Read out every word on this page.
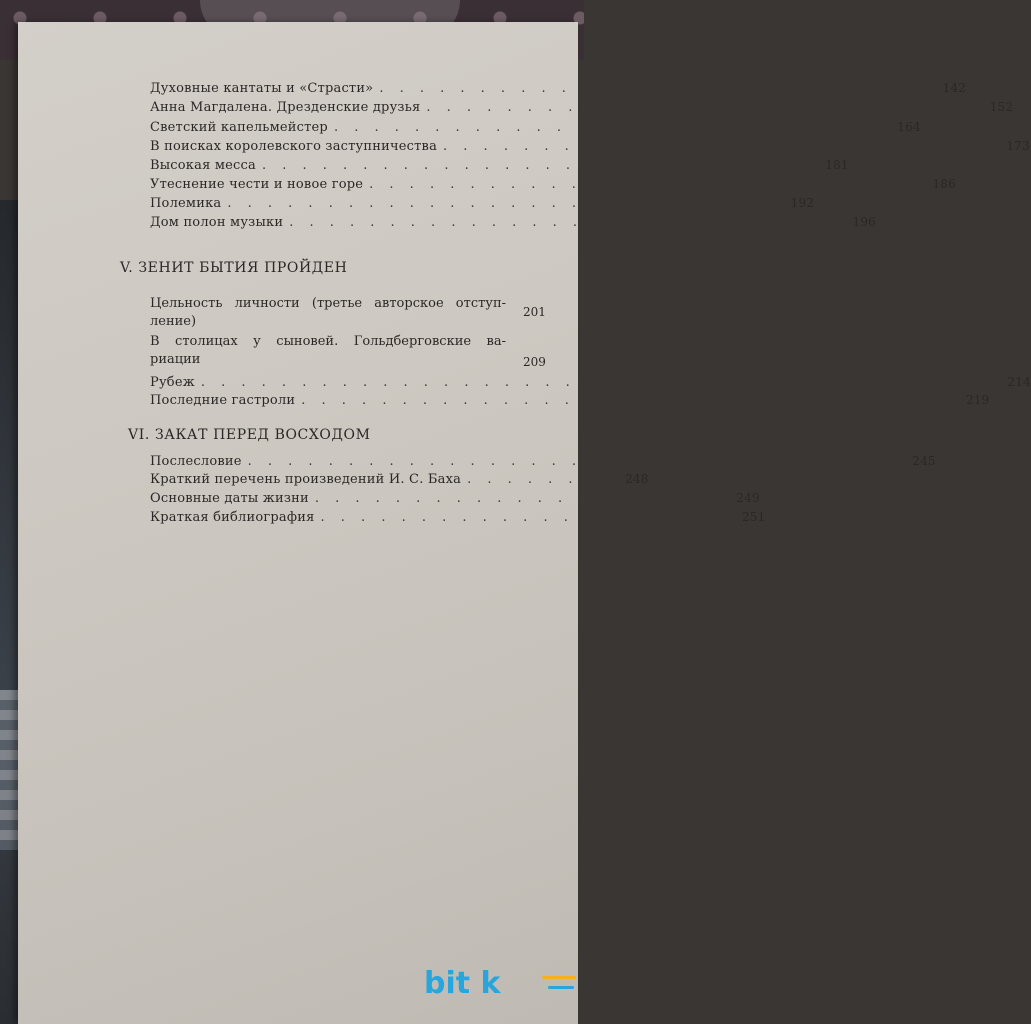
Духовные кантаты и «Страсти» . . . . . . . . . . . . . . . . . . . . . . . . . . . . 142
Анна Магдалена. Дрезденские друзья . . . . . . . . . . . . . . . . . . . . . . . . . . . . 152
Светский капельмейстер . . . . . . . . . . . . . . . . . . . . . . . . . . . . 164
В поисках королевского заступничества . . . . . . . . . . . . . . . . . . . . . . . . . . . . 173
Высокая месса . . . . . . . . . . . . . . . . . . . . . . . . . . . . 181
Утеснение чести и новое горе . . . . . . . . . . . . . . . . . . . . . . . . . . . . 186
Полемика . . . . . . . . . . . . . . . . . . . . . . . . . . . . 192
Дом полон музыки . . . . . . . . . . . . . . . . . . . . . . . . . . . . 196
V. ЗЕНИТ БЫТИЯ ПРОЙДЕН
Цельность личности (третье авторское отступ-
ление)
201
В столицах у сыновей. Гольдберговские ва-
риации	209
Рубеж . . . . . . . . . . . . . . . . . . . . . . . . . . . . . . . . . . . . . . . . 214
Последние гастроли . . . . . . . . . . . . . . . . . . . . . . . . . . . . . . . . . 219
VI. ЗАКАТ ПЕРЕД ВОСХОДОМ
Послесловие . . . . . . . . . . . . . . . . . . . . . . . . . . . . . . . . . 245
Краткий перечень произведений И. С. Баха . . . . . . . . 248
Основные даты жизни . . . . . . . . . . . . . . . . . . . . . 249
Краткая библиография . . . . . . . . . . . . . . . . . . . . . 251
bit k
